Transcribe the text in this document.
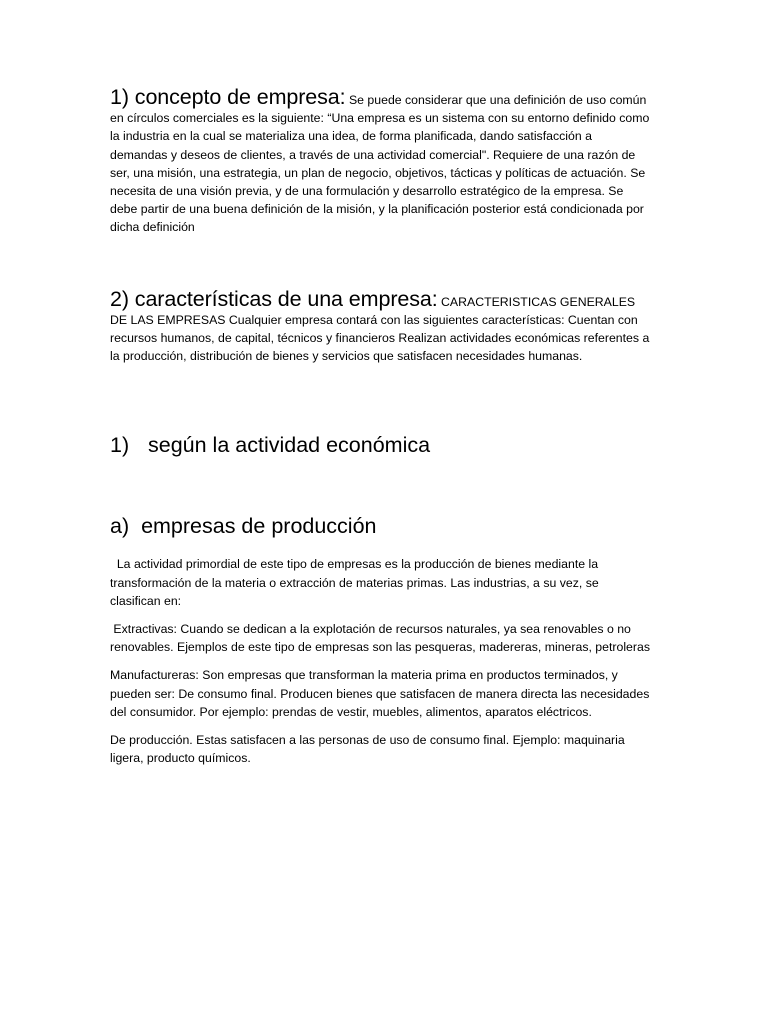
1) concepto de empresa: Se puede considerar que una definición de uso común en círculos comerciales es la siguiente: “Una empresa es un sistema con su entorno definido como la industria en la cual se materializa una idea, de forma planificada, dando satisfacción a demandas y deseos de clientes, a través de una actividad comercial". Requiere de una razón de ser, una misión, una estrategia, un plan de negocio, objetivos, tácticas y políticas de actuación. Se necesita de una visión previa, y de una formulación y desarrollo estratégico de la empresa. Se debe partir de una buena definición de la misión, y la planificación posterior está condicionada por dicha definición

2) características de una empresa: CARACTERISTICAS GENERALES DE LAS EMPRESAS Cualquier empresa contará con las siguientes características: Cuentan con recursos humanos, de capital, técnicos y financieros Realizan actividades económicas referentes a la producción, distribución de bienes y servicios que satisfacen necesidades humanas.

1) según la actividad económica
a)  empresas de producción

La actividad primordial de este tipo de empresas es la producción de bienes mediante la transformación de la materia o extracción de materias primas. Las industrias, a su vez, se clasifican en:

Extractivas: Cuando se dedican a la explotación de recursos naturales, ya sea renovables o no renovables. Ejemplos de este tipo de empresas son las pesqueras, madereras, mineras, petroleras

Manufactureras: Son empresas que transforman la materia prima en productos terminados, y pueden ser: De consumo final. Producen bienes que satisfacen de manera directa las necesidades del consumidor. Por ejemplo: prendas de vestir, muebles, alimentos, aparatos eléctricos.

De producción. Estas satisfacen a las personas de uso de consumo final. Ejemplo: maquinaria ligera, producto químicos.
